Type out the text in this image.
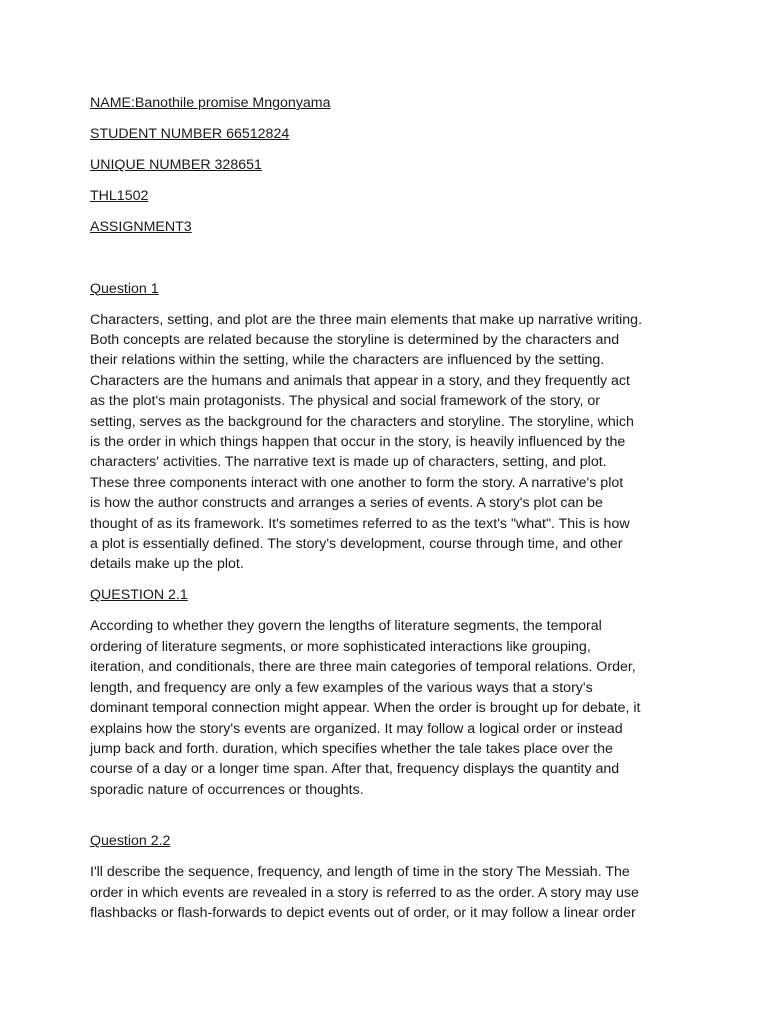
NAME:Banothile promise Mngonyama
STUDENT NUMBER 66512824
UNIQUE NUMBER 328651
THL1502
ASSIGNMENT3
Question 1
Characters, setting, and plot are the three main elements that make up narrative writing.
Both concepts are related because the storyline is determined by the characters and
their relations within the setting, while the characters are influenced by the setting.
Characters are the humans and animals that appear in a story, and they frequently act
as the plot's main protagonists. The physical and social framework of the story, or
setting, serves as the background for the characters and storyline. The storyline, which
is the order in which things happen that occur in the story, is heavily influenced by the
characters' activities. The narrative text is made up of characters, setting, and plot.
These three components interact with one another to form the story. A narrative's plot
is how the author constructs and arranges a series of events. A story's plot can be
thought of as its framework. It's sometimes referred to as the text's "what". This is how
a plot is essentially defined. The story's development, course through time, and other
details make up the plot.
QUESTION 2.1
According to whether they govern the lengths of literature segments, the temporal
ordering of literature segments, or more sophisticated interactions like grouping,
iteration, and conditionals, there are three main categories of temporal relations. Order,
length, and frequency are only a few examples of the various ways that a story's
dominant temporal connection might appear. When the order is brought up for debate, it
explains how the story's events are organized. It may follow a logical order or instead
jump back and forth. duration, which specifies whether the tale takes place over the
course of a day or a longer time span. After that, frequency displays the quantity and
sporadic nature of occurrences or thoughts.
Question 2.2
I'll describe the sequence, frequency, and length of time in the story The Messiah. The
order in which events are revealed in a story is referred to as the order. A story may use
flashbacks or flash-forwards to depict events out of order, or it may follow a linear order
